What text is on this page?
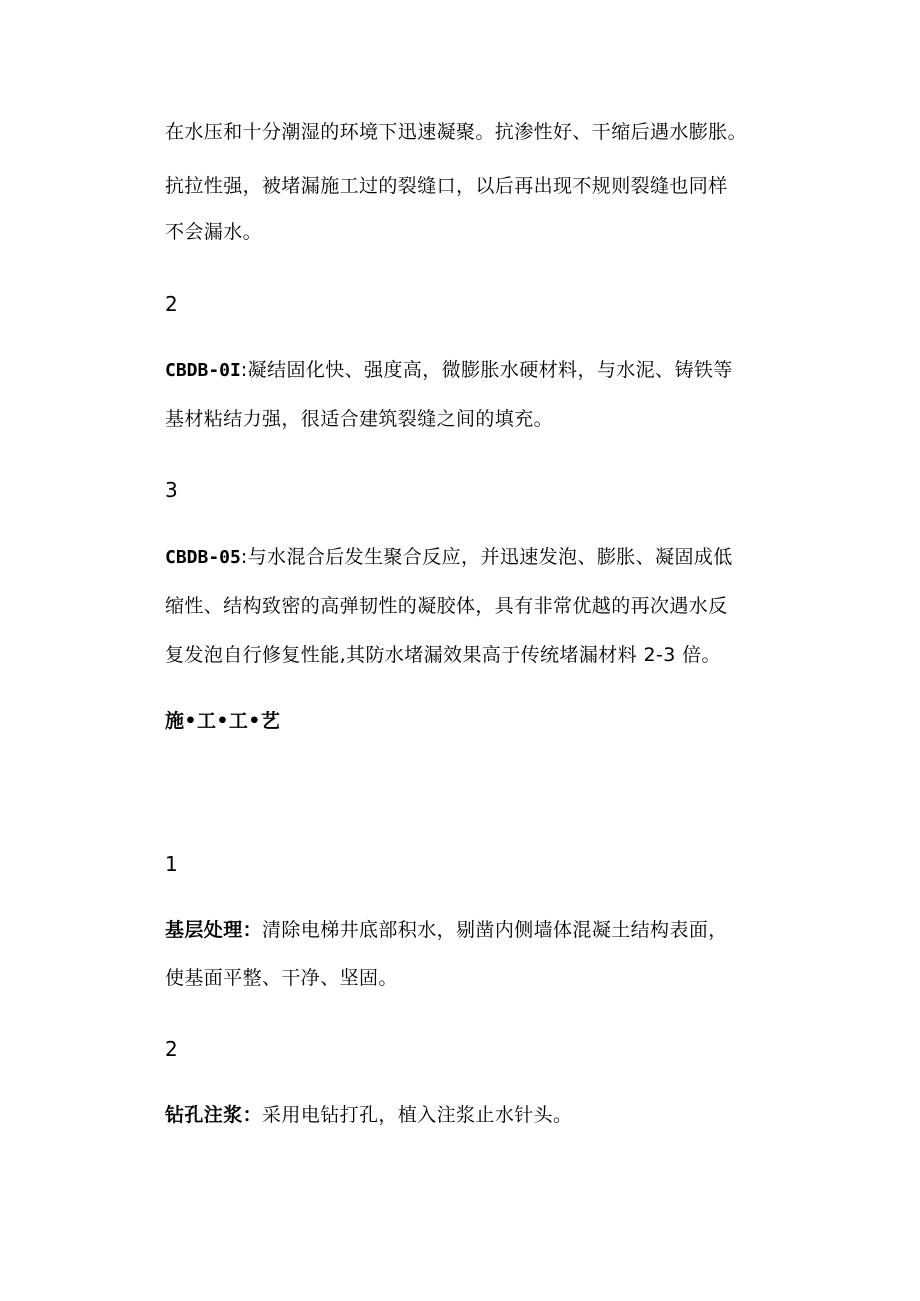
在水压和十分潮湿的环境下迅速凝聚。抗渗性好、干缩后遇水膨胀。
抗拉性强，被堵漏施工过的裂缝口，以后再出现不规则裂缝也同样
不会漏水。
2
CBDB-0I:凝结固化快、强度高，微膨胀水硬材料，与水泥、铸铁等
基材粘结力强，很适合建筑裂缝之间的填充。
3
CBDB-05:与水混合后发生聚合反应，并迅速发泡、膨胀、凝固成低
缩性、结构致密的高弹韧性的凝胶体，具有非常优越的再次遇水反
复发泡自行修复性能,其防水堵漏效果高于传统堵漏材料 2-3 倍。
施•工•工•艺
1
基层处理：清除电梯井底部积水，剔凿内侧墙体混凝土结构表面，
使基面平整、干净、坚固。
2
钻孔注浆：采用电钻打孔，植入注浆止水针头。
